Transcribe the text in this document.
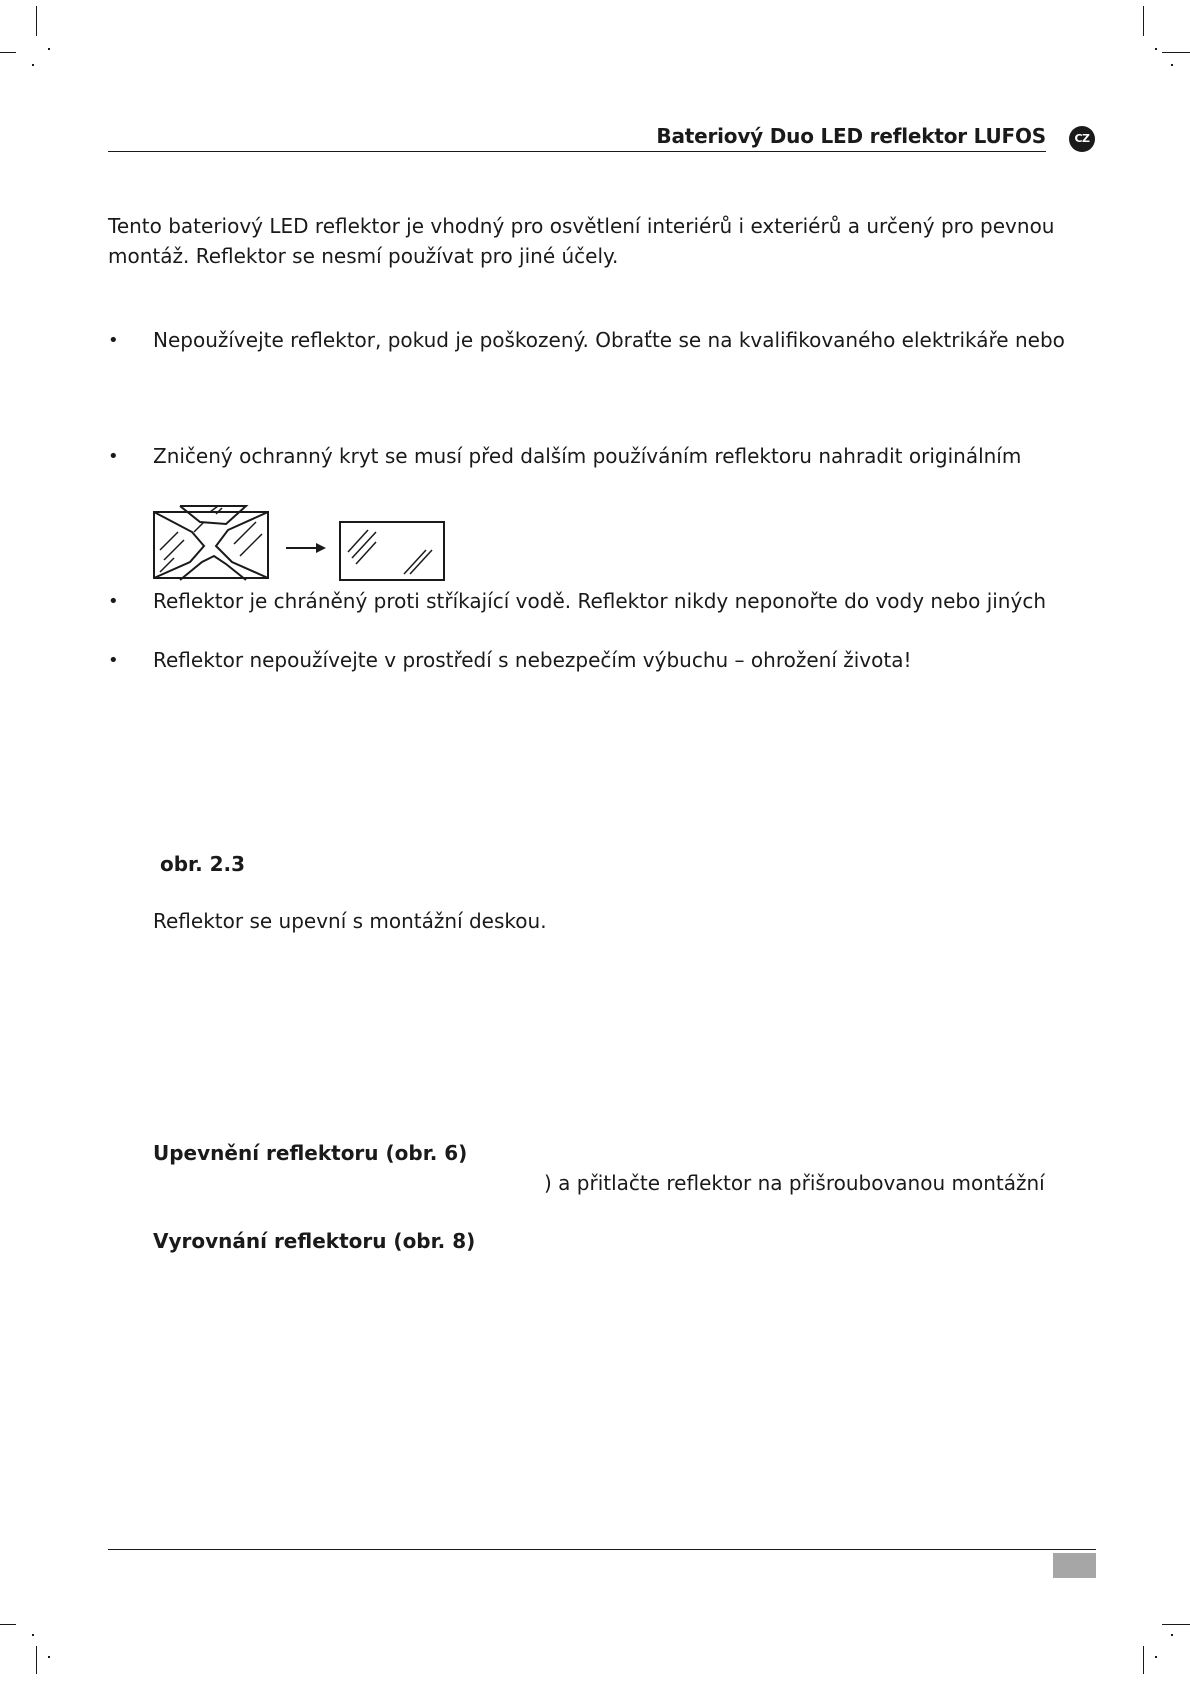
Bateriový Duo LED reflektor LUFOS	CZ
Tento bateriový LED reflektor je vhodný pro osvětlení interiérů i exteriérů a určený pro pevnou
montáž. Reflektor se nesmí používat pro jiné účely.
• Nepoužívejte reflektor, pokud je poškozený. Obraťte se na kvalifikovaného elektrikáře nebo
• Zničený ochranný kryt se musí před dalším používáním reflektoru nahradit originálním
• Reflektor je chráněný proti stříkající vodě. Reflektor nikdy neponořte do vody nebo jiných
• Reflektor nepoužívejte v prostředí s nebezpečím výbuchu – ohrožení života!
obr. 2.3
Reflektor se upevní s montážní deskou.
Upevnění reflektoru (obr. 6)
) a přitlačte reflektor na přišroubovanou montážní
Vyrovnání reflektoru (obr. 8)
